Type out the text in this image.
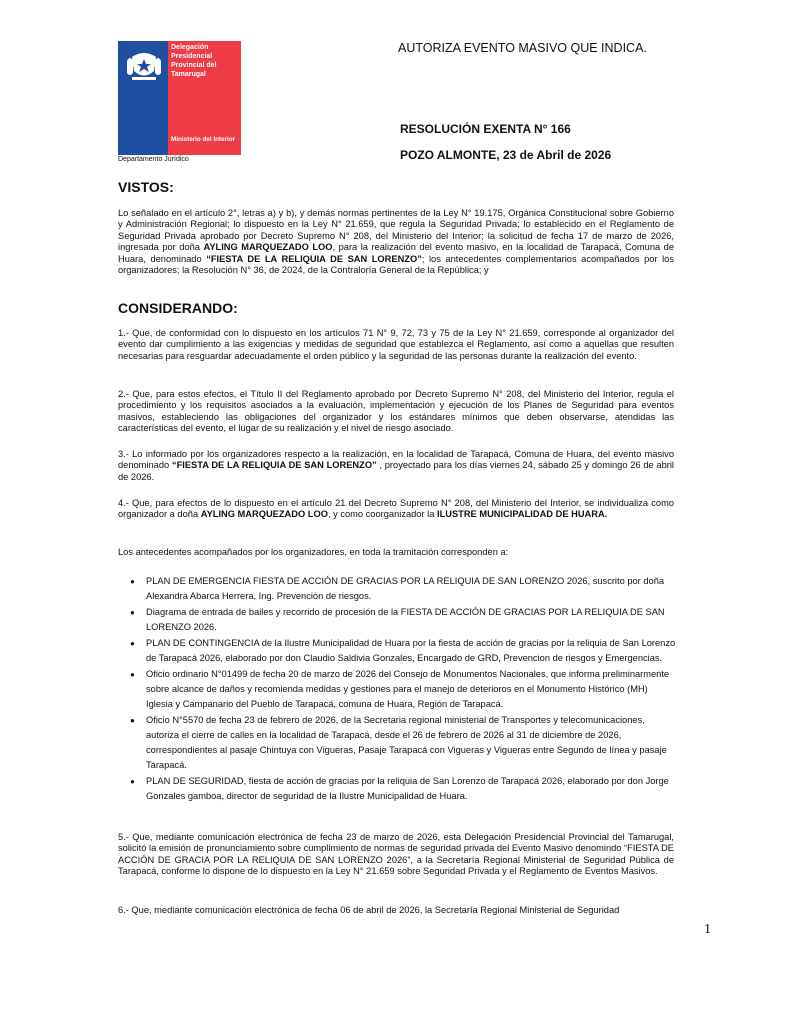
Delegación Presidencial Provincial del Tamarugal
Ministerio del Interior
Departamento Jurídico
AUTORIZA EVENTO MASIVO QUE INDICA.
RESOLUCIÓN EXENTA N° 166
POZO ALMONTE, 23 de Abril de 2026
VISTOS:
Lo señalado en el artículo 2°, letras a) y b), y demás normas pertinentes de la Ley N° 19.175, Orgánica Constitucional sobre Gobierno y Administración Regional; lo dispuesto en la Ley N° 21.659, que regula la Seguridad Privada; lo establecido en el Reglamento de Seguridad Privada aprobado por Decreto Supremo N° 208, del Ministerio del Interior; la solicitud de fecha 17 de marzo de 2026, ingresada por doña AYLING MARQUEZADO LOO, para la realización del evento masivo, en la localidad de Tarapacá, Comuna de Huara, denominado “FIESTA DE LA RELIQUIA DE SAN LORENZO”; los antecedentes complementarios acompañados por los organizadores; la Resolución N° 36, de 2024, de la Contraloría General de la República; y
CONSIDERANDO:
1.- Que, de conformidad con lo dispuesto en los artículos 71 N° 9, 72, 73 y 75 de la Ley N° 21.659, corresponde al organizador del evento dar cumplimiento a las exigencias y medidas de seguridad que establezca el Reglamento, así como a aquellas que resulten necesarias para resguardar adecuadamente el orden público y la seguridad de las personas durante la realización del evento.
2.- Que, para estos efectos, el Título II del Reglamento aprobado por Decreto Supremo N° 208, del Ministerio del Interior, regula el procedimiento y los requisitos asociados a la evaluación, implementación y ejecución de los Planes de Seguridad para eventos masivos, estableciendo las obligaciones del organizador y los estándares mínimos que deben observarse, atendidas las características del evento, el lugar de su realización y el nivel de riesgo asociado.
3.- Lo informado por los organizadores respecto a la realización, en la localidad de Tarapacá, Comuna de Huara, del evento masivo denominado “FIESTA DE LA RELIQUIA DE SAN LORENZO” , proyectado para los días viernes 24, sábado 25 y domingo 26 de abril de 2026.
4.- Que, para efectos de lo dispuesto en el artículo 21 del Decreto Supremo N° 208, del Ministerio del Interior, se individualiza como organizador a doña AYLING MARQUEZADO LOO, y como coorganizador la ILUSTRE MUNICIPALIDAD DE HUARA.
Los antecedentes acompañados por los organizadores, en toda la tramitación corresponden a:
● PLAN DE EMERGENCIA FIESTA DE ACCIÓN DE GRACIAS POR LA RELIQUIA DE SAN LORENZO 2026, suscrito por doña Alexandra Abarca Herrera, Ing. Prevención de riesgos.
● Diagrama de entrada de bailes y recorrido de procesión de la FIESTA DE ACCIÓN DE GRACIAS POR LA RELIQUIA DE SAN LORENZO 2026.
● PLAN DE CONTINGENCIA de la Ilustre Municipalidad de Huara por la fiesta de acción de gracias por la reliquia de San Lorenzo de Tarapacá 2026, elaborado por don Claudio Saldivia Gonzales, Encargado de GRD, Prevencion de riesgos y Emergencias.
● Oficio ordinario N°01499 de fecha 20 de marzo de 2026 del Consejo de Monumentos Nacionales, que informa preliminarmente sobre alcance de daños y recomienda medidas y gestiones para el manejo de deterioros en el Monumento Histórico (MH) Iglesia y Campanario del Pueblo de Tarapacá, comuna de Huara, Región de Tarapacá.
● Oficio N°5570 de fecha 23 de febrero de 2026, de la Secretaria regional ministerial de Transportes y telecomunicaciones, autoriza el cierre de calles en la localidad de Tarapacá, desde el 26 de febrero de 2026 al 31 de diciembre de 2026, correspondientes al pasaje Chintuya con Vigueras, Pasaje Tarapacá con Vigueras y Vigueras entre Segundo de línea y pasaje Tarapacá.
● PLAN DE SEGURIDAD, fiesta de acción de gracias por la reliquia de San Lorenzo de Tarapacá 2026, elaborado por don Jorge Gonzales gamboa, director de seguridad de la Ilustre Municipalidad de Huara.
5.- Que, mediante comunicación electrónica de fecha 23 de marzo de 2026, esta Delegación Presidencial Provincial del Tamarugal, solicitó la emisión de pronunciamiento sobre cumplimiento de normas de seguridad privada del Evento Masivo denomindo “FIESTA DE ACCIÓN DE GRACIA POR LA RELIQUIA DE SAN LORENZO 2026”, a la Secretaría Regional Ministerial de Seguridad Pública de Tarapacá, conforme lo dispone de lo dispuesto en la Ley N° 21.659 sobre Seguridad Privada y el Reglamento de Eventos Masivos.
6.- Que, mediante comunicación electrónica de fecha 06 de abril de 2026, la Secretaría Regional Ministerial de Seguridad
1
